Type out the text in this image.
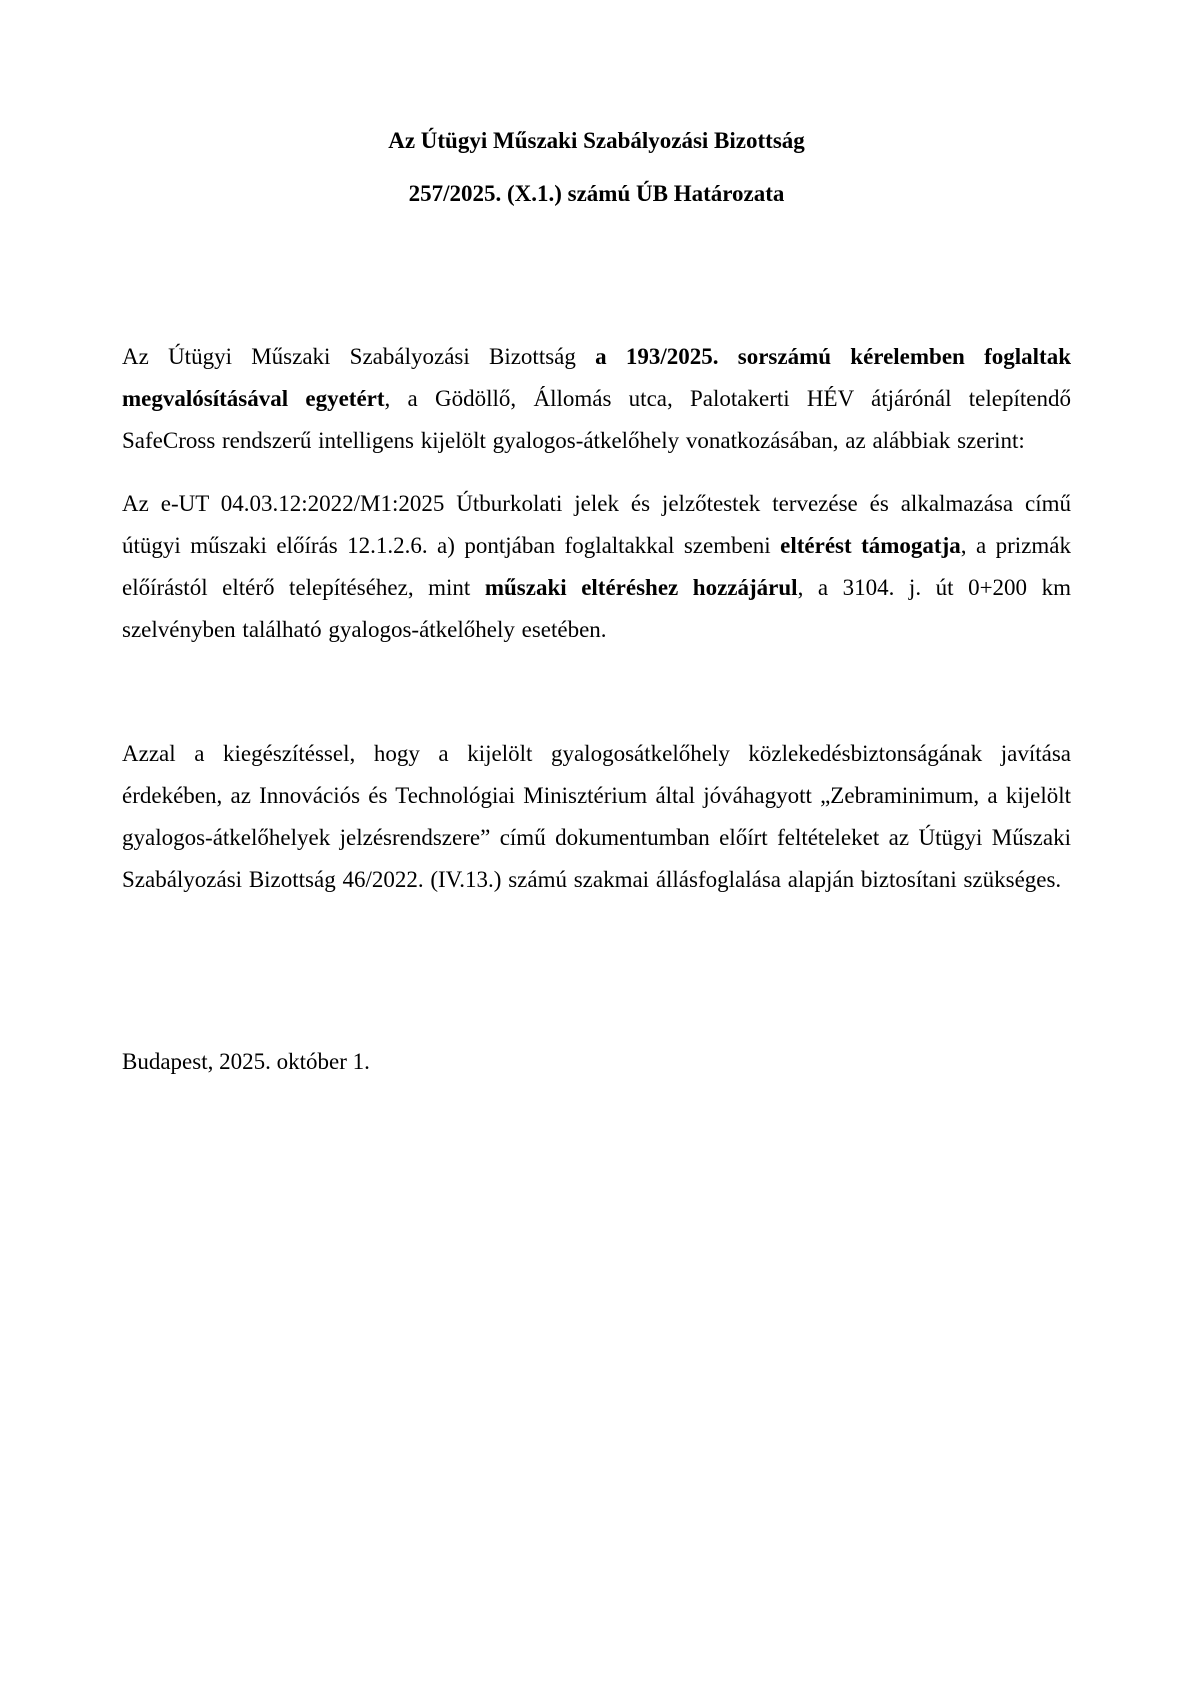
Az Útügyi Műszaki Szabályozási Bizottság
257/2025. (X.1.) számú ÚB Határozata

Az Útügyi Műszaki Szabályozási Bizottság a 193/2025. sorszámú kérelemben foglaltak megvalósításával egyetért, a Gödöllő, Állomás utca, Palotakerti HÉV átjárónál telepítendő SafeCross rendszerű intelligens kijelölt gyalogos-átkelőhely vonatkozásában, az alábbiak szerint:

Az e-UT 04.03.12:2022/M1:2025 Útburkolati jelek és jelzőtestek tervezése és alkalmazása című útügyi műszaki előírás 12.1.2.6. a) pontjában foglaltakkal szembeni eltérést támogatja, a prizmák előírástól eltérő telepítéséhez, mint műszaki eltéréshez hozzájárul, a 3104. j. út 0+200 km szelvényben található gyalogos-átkelőhely esetében.

Azzal a kiegészítéssel, hogy a kijelölt gyalogosátkelőhely közlekedésbiztonságának javítása érdekében, az Innovációs és Technológiai Minisztérium által jóváhagyott „Zebraminimum, a kijelölt gyalogos-átkelőhelyek jelzésrendszere” című dokumentumban előírt feltételeket az Útügyi Műszaki Szabályozási Bizottság 46/2022. (IV.13.) számú szakmai állásfoglalása alapján biztosítani szükséges.

Budapest, 2025. október 1.
